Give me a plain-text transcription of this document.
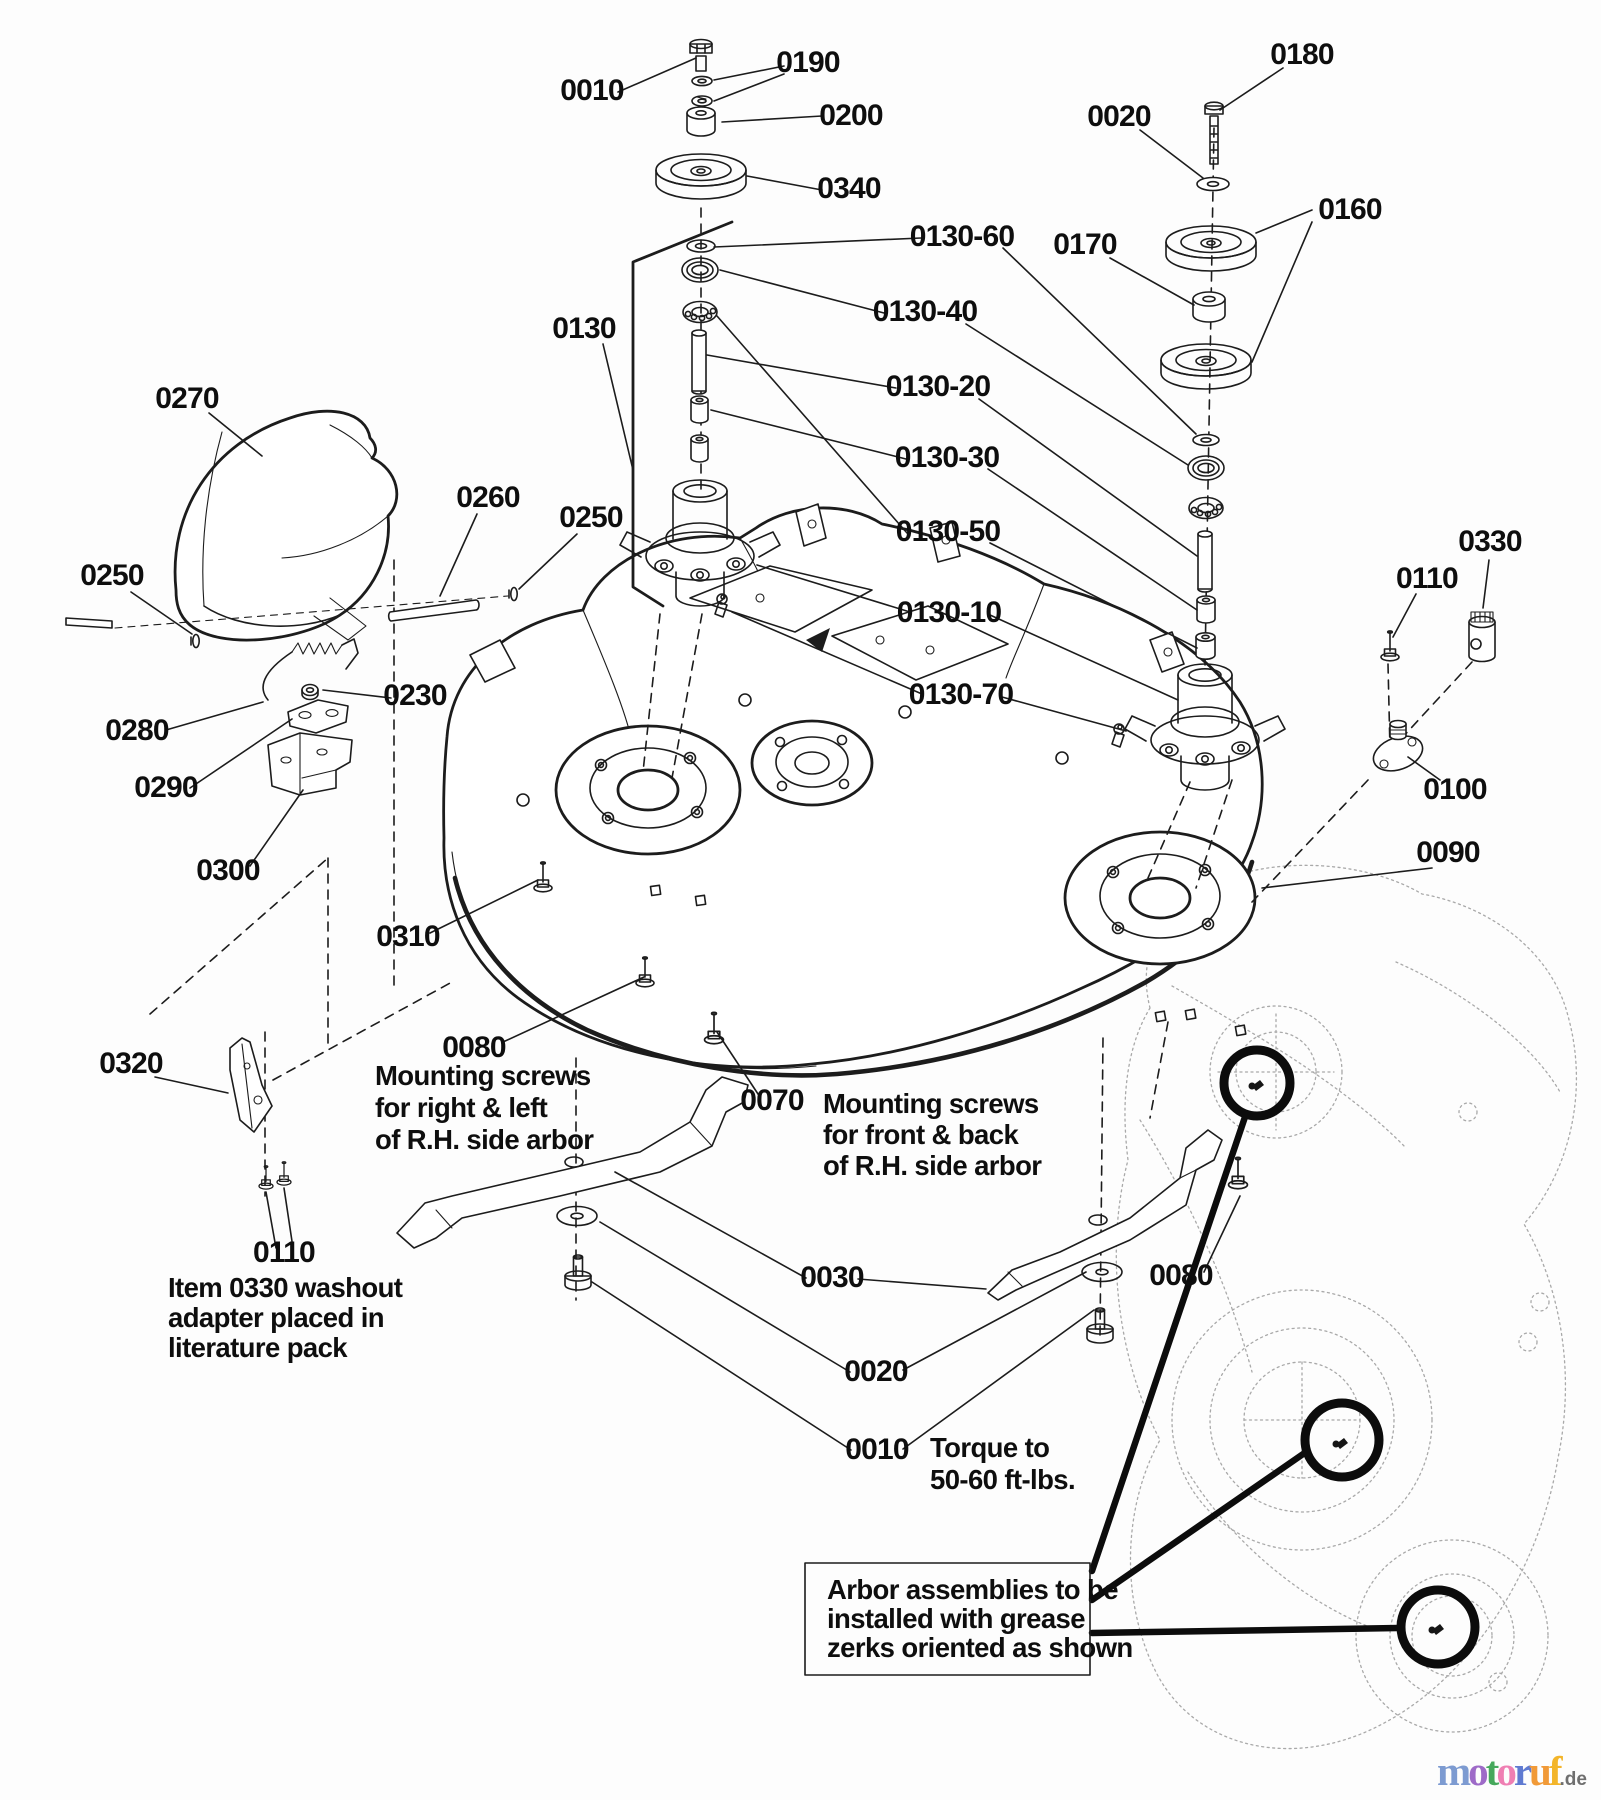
0010
0190
0200
0340
0130
0130-60
0130-40
0130-20
0130-30
0130-50
0130-10
0130-70
0180
0020
0160
0170
0330
0110
0100
0090
0270
0260
0250
0250
0230
0280
0290
0300
0310
0320
0110
0080
0070
0030
0020
0010
0080
Mounting screws
for right & left
of R.H. side arbor
Mounting screws
for front & back
of R.H. side arbor
Torque to
50-60 ft-lbs.
Item 0330 washout
adapter placed in
literature pack
Arbor assemblies to be
installed with grease
zerks oriented as shown
motoruf.de
